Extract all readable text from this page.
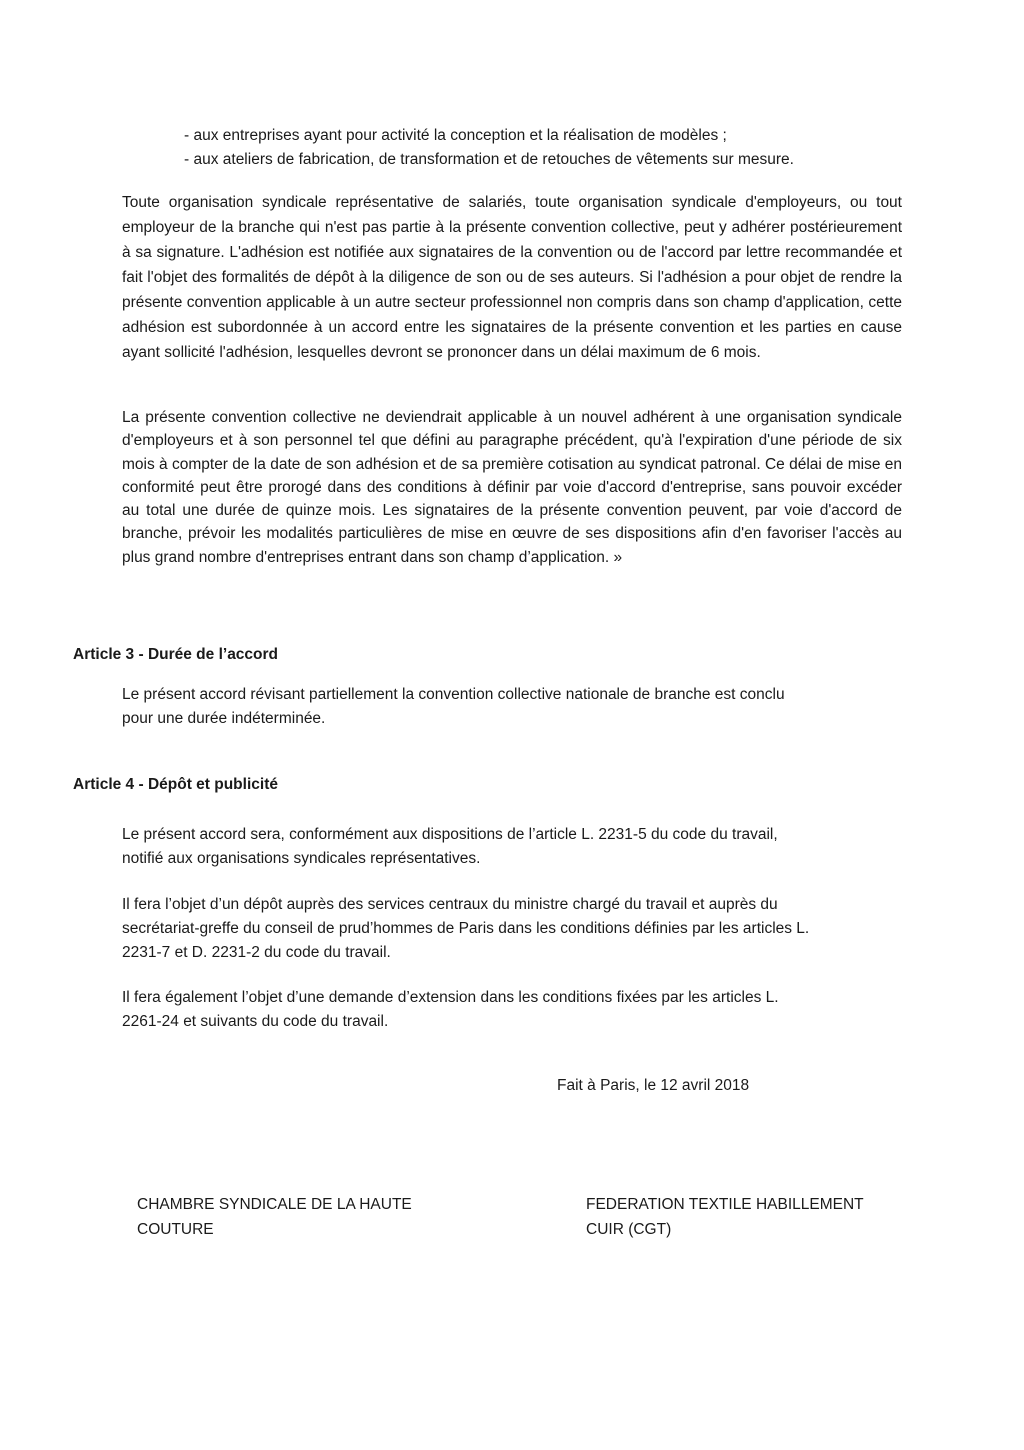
- aux entreprises ayant pour activité la conception et la réalisation de modèles ;
- aux ateliers de fabrication, de transformation et de retouches de vêtements sur mesure.
Toute organisation syndicale représentative de salariés, toute organisation syndicale d'employeurs, ou tout employeur de la branche qui n'est pas partie à la présente convention collective, peut y adhérer postérieurement à sa signature. L'adhésion est notifiée aux signataires de la convention ou de l'accord par lettre recommandée et fait l'objet des formalités de dépôt à la diligence de son ou de ses auteurs. Si l'adhésion a pour objet de rendre la présente convention applicable à un autre secteur professionnel non compris dans son champ d'application, cette adhésion est subordonnée à un accord entre les signataires de la présente convention et les parties en cause ayant sollicité l'adhésion, lesquelles devront se prononcer dans un délai maximum de 6 mois.
La présente convention collective ne deviendrait applicable à un nouvel adhérent à une organisation syndicale d'employeurs et à son personnel tel que défini au paragraphe précédent, qu'à l'expiration d'une période de six mois à compter de la date de son adhésion et de sa première cotisation au syndicat patronal. Ce délai de mise en conformité peut être prorogé dans des conditions à définir par voie d'accord d'entreprise, sans pouvoir excéder au total une durée de quinze mois. Les signataires de la présente convention peuvent, par voie d'accord de branche, prévoir les modalités particulières de mise en œuvre de ses dispositions afin d'en favoriser l'accès au plus grand nombre d'entreprises entrant dans son champ d’application. »
Article 3 - Durée de l’accord
Le présent accord révisant partiellement la convention collective nationale de branche est conclu
pour une durée indéterminée.
Article 4 - Dépôt et publicité
Le présent accord sera, conformément aux dispositions de l’article L. 2231-5 du code du travail,
notifié aux organisations syndicales représentatives.
Il fera l’objet d’un dépôt auprès des services centraux du ministre chargé du travail et auprès du
secrétariat-greffe du conseil de prud’hommes de Paris dans les conditions définies par les articles L.
2231-7 et D. 2231-2 du code du travail.
Il fera également l’objet d’une demande d’extension dans les conditions fixées par les articles L.
2261-24 et suivants du code du travail.
Fait à Paris, le 12 avril 2018
CHAMBRE SYNDICALE DE LA HAUTE
COUTURE
FEDERATION TEXTILE HABILLEMENT
CUIR (CGT)
